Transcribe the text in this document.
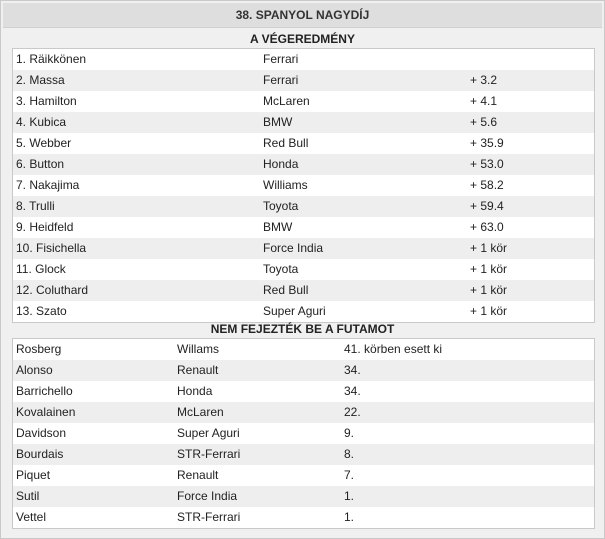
38. SPANYOL NAGYDÍJ
A VÉGEREDMÉNY
1. Räikkönen	Ferrari
2. Massa	Ferrari	+ 3.2
3. Hamilton	McLaren	+ 4.1
4. Kubica	BMW	+ 5.6
5. Webber	Red Bull	+ 35.9
6. Button	Honda	+ 53.0
7. Nakajima	Williams	+ 58.2
8. Trulli	Toyota	+ 59.4
9. Heidfeld	BMW	+ 63.0
10. Fisichella	Force India	+ 1 kör
11. Glock	Toyota	+ 1 kör
12. Coluthard	Red Bull	+ 1 kör
13. Szato	Super Aguri	+ 1 kör
NEM FEJEZTÉK BE A FUTAMOT
Rosberg	Willams	41. körben esett ki
Alonso	Renault	34.
Barrichello	Honda	34.
Kovalainen	McLaren	22.
Davidson	Super Aguri	9.
Bourdais	STR-Ferrari	8.
Piquet	Renault	7.
Sutil	Force India	1.
Vettel	STR-Ferrari	1.
